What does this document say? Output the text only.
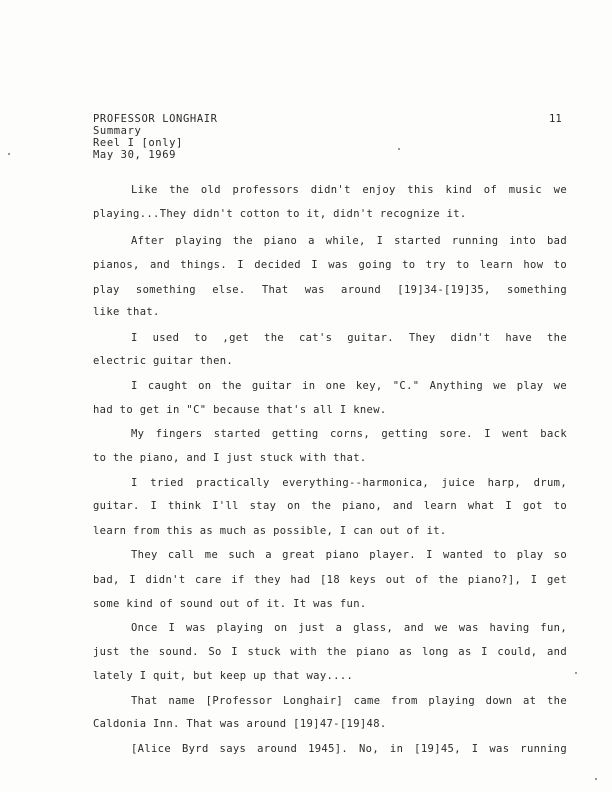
PROFESSOR LONGHAIR
Summary
Reel I [only]
May 30, 1969
11
Like the old professors didn't enjoy this kind of music we
playing...They didn't cotton to it, didn't recognize it.
After playing the piano a while, I started running into bad
pianos, and things. I decided I was going to try to learn how to
play something else. That was around [19]34-[19]35, something
like that.
I used to ,get the cat's guitar. They didn't have the
electric guitar then.
I caught on the guitar in one key, "C." Anything we play we
had to get in "C" because that's all I knew.
My fingers started getting corns, getting sore. I went back
to the piano, and I just stuck with that.
I tried practically everything--harmonica, juice harp, drum,
guitar. I think I'll stay on the piano, and learn what I got to
learn from this as much as possible, I can out of it.
They call me such a great piano player. I wanted to play so
bad, I didn't care if they had [18 keys out of the piano?], I get
some kind of sound out of it. It was fun.
Once I was playing on just a glass, and we was having fun,
just the sound. So I stuck with the piano as long as I could, and
lately I quit, but keep up that way....
That name [Professor Longhair] came from playing down at the
Caldonia Inn. That was around [19]47-[19]48.
[Alice Byrd says around 1945]. No, in [19]45, I was running
